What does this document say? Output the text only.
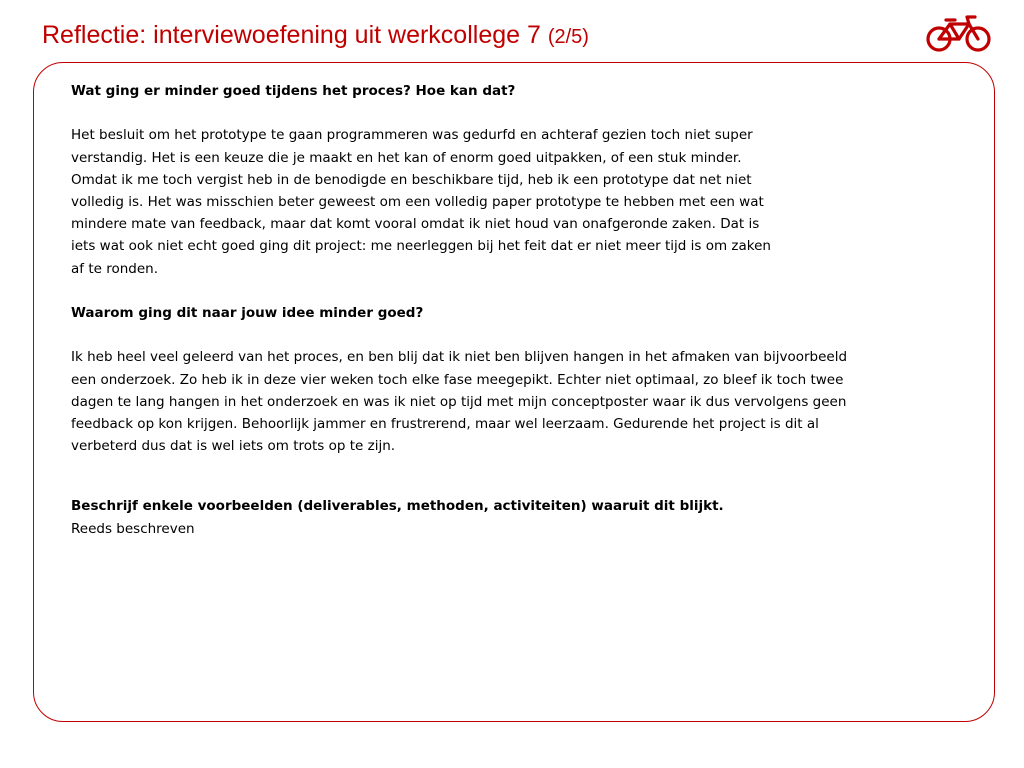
Reflectie: interviewoefening uit werkcollege 7 (2/5)

Wat ging er minder goed tijdens het proces? Hoe kan dat?

Het besluit om het prototype te gaan programmeren was gedurfd en achteraf gezien toch niet super

verstandig. Het is een keuze die je maakt en het kan of enorm goed uitpakken, of een stuk minder.

Omdat ik me toch vergist heb in de benodigde en beschikbare tijd, heb ik een prototype dat net niet

volledig is. Het was misschien beter geweest om een volledig paper prototype te hebben met een wat

mindere mate van feedback, maar dat komt vooral omdat ik niet houd van onafgeronde zaken. Dat is

iets wat ook niet echt goed ging dit project: me neerleggen bij het feit dat er niet meer tijd is om zaken

af te ronden.

Waarom ging dit naar jouw idee minder goed?

Ik heb heel veel geleerd van het proces, en ben blij dat ik niet ben blijven hangen in het afmaken van bijvoorbeeld

een onderzoek. Zo heb ik in deze vier weken toch elke fase meegepikt. Echter niet optimaal, zo bleef ik toch twee

dagen te lang hangen in het onderzoek en was ik niet op tijd met mijn conceptposter waar ik dus vervolgens geen

feedback op kon krijgen. Behoorlijk jammer en frustrerend, maar wel leerzaam. Gedurende het project is dit al

verbeterd dus dat is wel iets om trots op te zijn.

Beschrijf enkele voorbeelden (deliverables, methoden, activiteiten) waaruit dit blijkt.

Reeds beschreven
